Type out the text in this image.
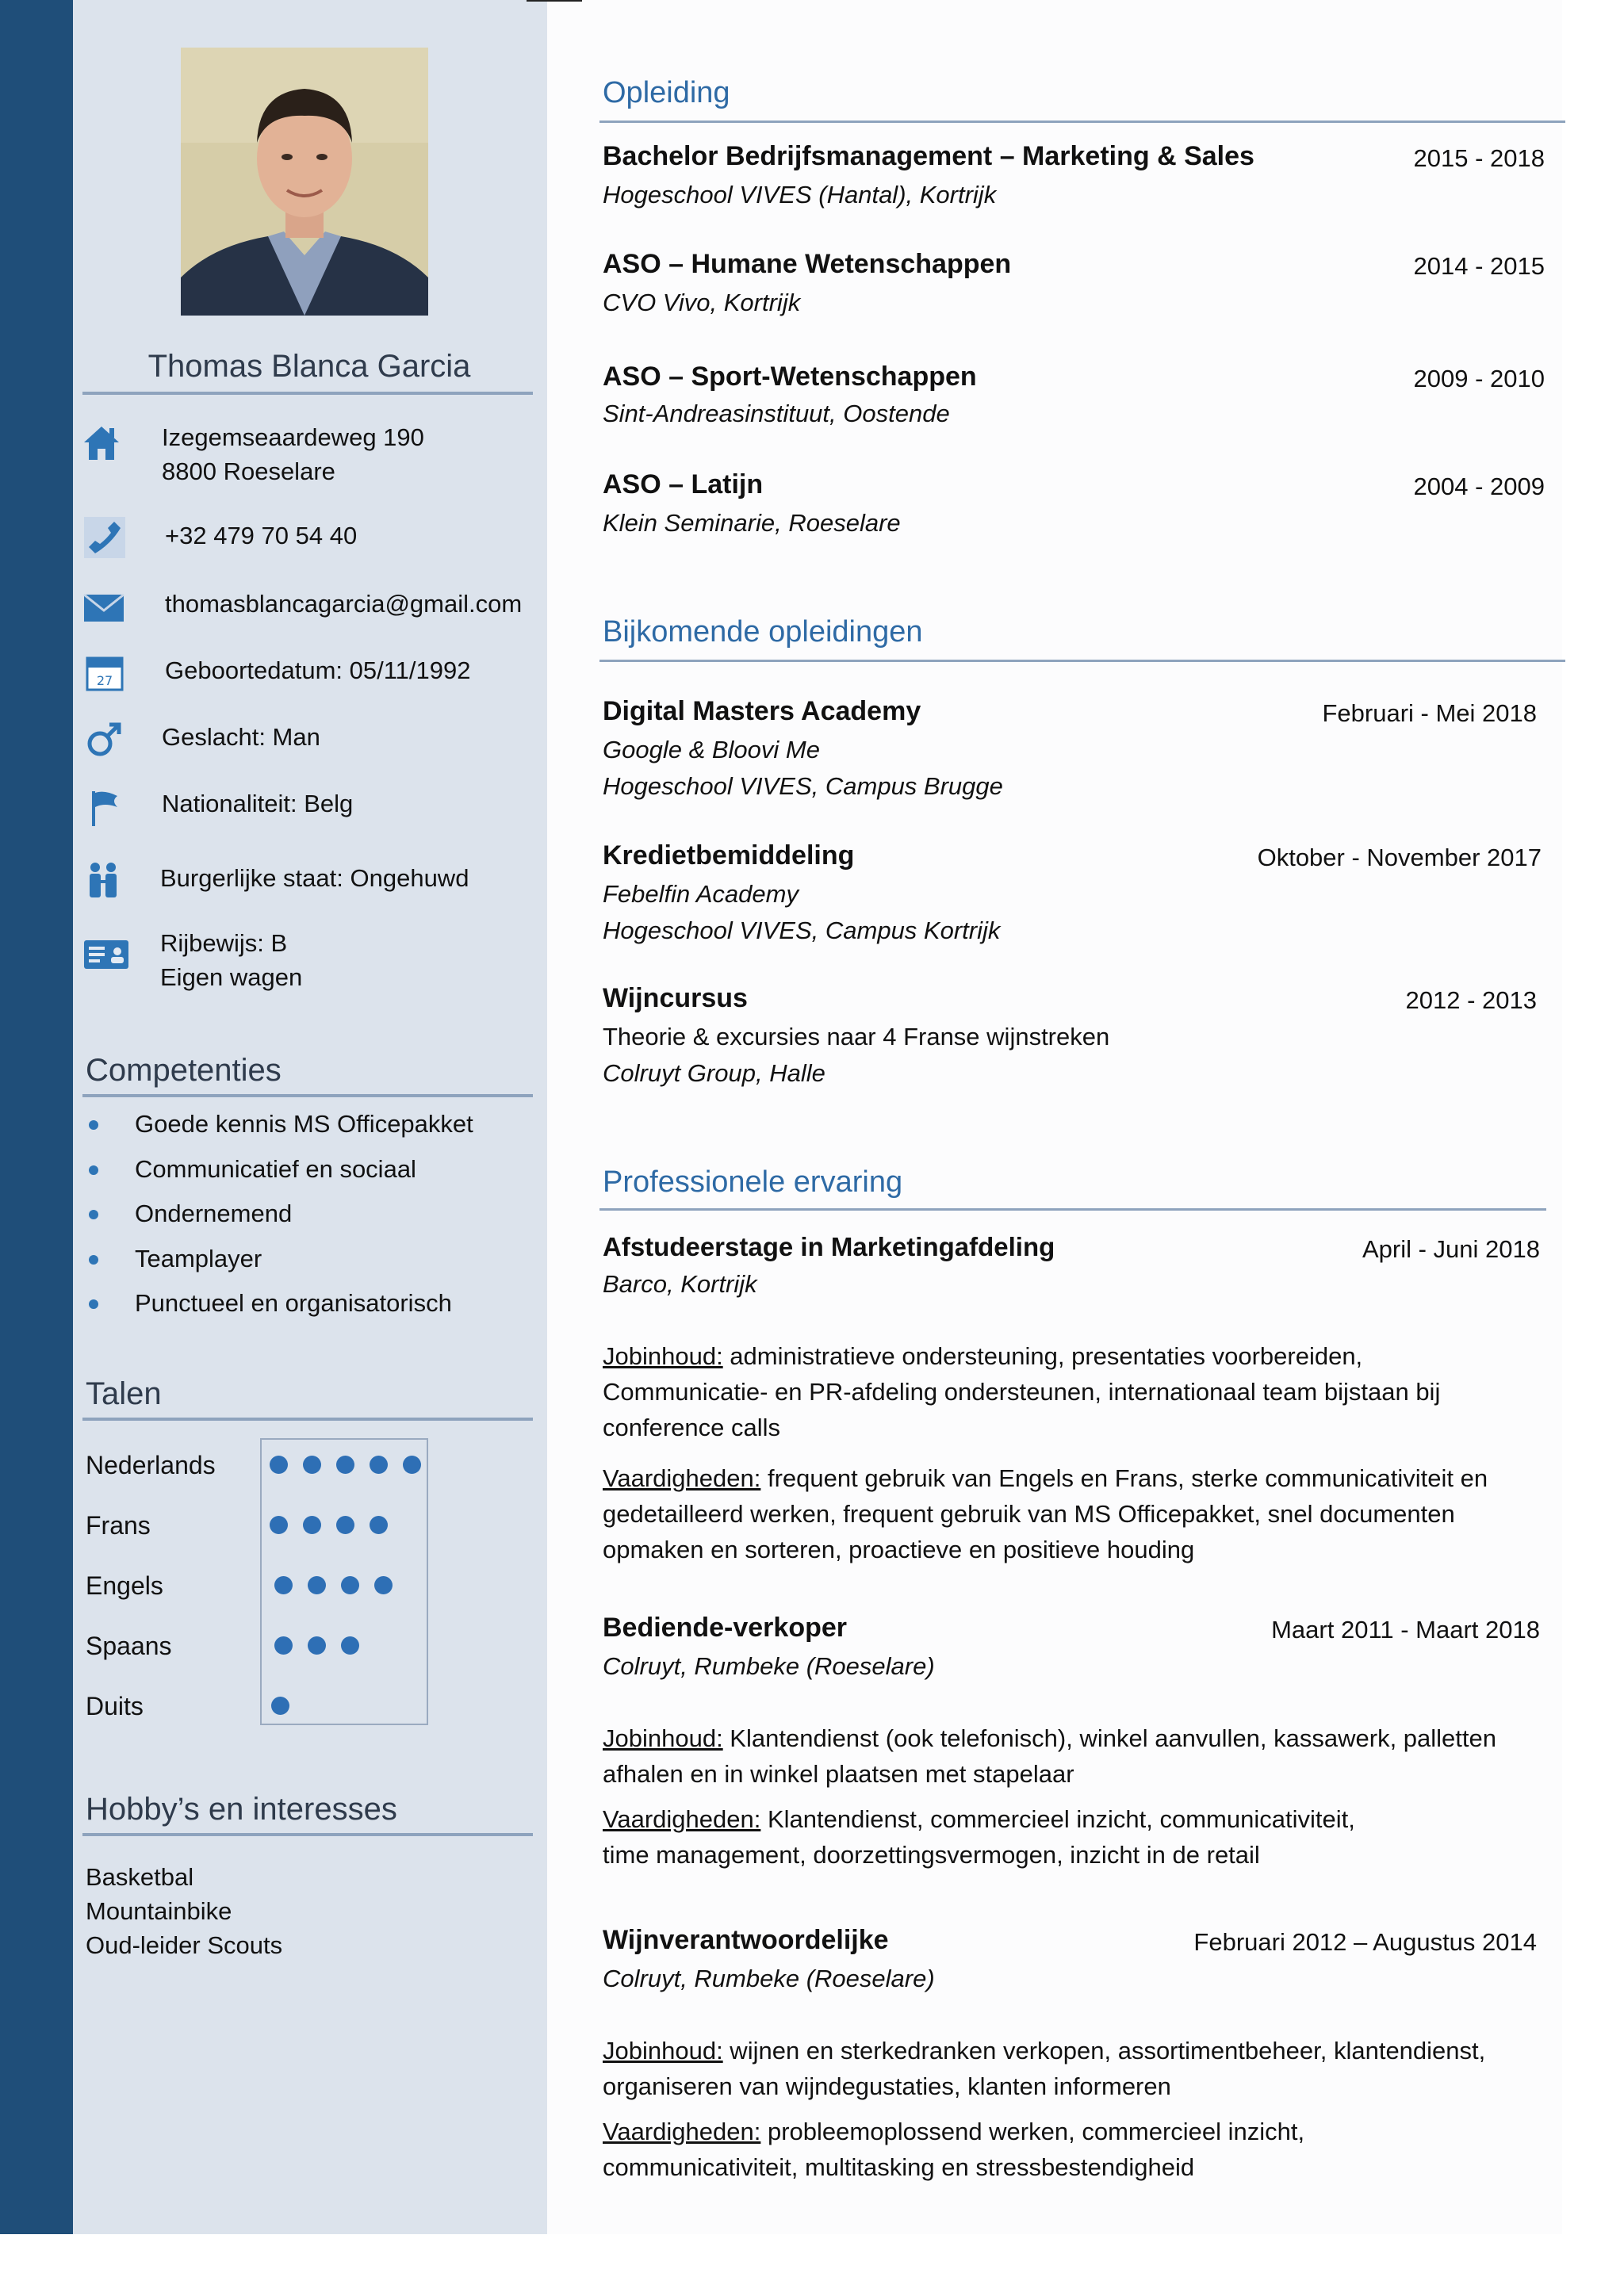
Thomas Blanca Garcia
27
Izegemseaardeweg 190
8800 Roeselare
+32 479 70 54 40
thomasblancagarcia@gmail.com
Geboortedatum: 05/11/1992
Geslacht: Man
Nationaliteit: Belg
Burgerlijke staat: Ongehuwd
Rijbewijs: B
Eigen wagen
Competenties
Goede kennis MS Officepakket
Communicatief en sociaal
Ondernemend
Teamplayer
Punctueel en organisatorisch
Talen
Nederlands
Frans
Engels
Spaans
Duits
Hobby’s en interesses
Basketbal
Mountainbike
Oud-leider Scouts
Opleiding
Bachelor Bedrijfsmanagement – Marketing & Sales	2015 - 2018
Hogeschool VIVES (Hantal), Kortrijk
ASO – Humane Wetenschappen	2014 - 2015
CVO Vivo, Kortrijk
ASO – Sport-Wetenschappen	2009 - 2010
Sint-Andreasinstituut, Oostende
ASO – Latijn	2004 - 2009
Klein Seminarie, Roeselare
Bijkomende opleidingen
Digital Masters Academy	Februari - Mei 2018
Google & Bloovi Me
Hogeschool VIVES, Campus Brugge
Kredietbemiddeling	Oktober - November 2017
Febelfin Academy
Hogeschool VIVES, Campus Kortrijk
Wijncursus	2012 - 2013
Theorie & excursies naar 4 Franse wijnstreken
Colruyt Group, Halle
Professionele ervaring
Afstudeerstage in Marketingafdeling	April - Juni 2018
Barco, Kortrijk
Jobinhoud: administratieve ondersteuning, presentaties voorbereiden,
Communicatie- en PR-afdeling ondersteunen, internationaal team bijstaan bij
conference calls
Vaardigheden: frequent gebruik van Engels en Frans, sterke communicativiteit en
gedetailleerd werken, frequent gebruik van MS Officepakket, snel documenten
opmaken en sorteren, proactieve en positieve houding
Bediende-verkoper	Maart 2011 - Maart 2018
Colruyt, Rumbeke (Roeselare)
Jobinhoud: Klantendienst (ook telefonisch), winkel aanvullen, kassawerk, palletten
afhalen en in winkel plaatsen met stapelaar
Vaardigheden: Klantendienst, commercieel inzicht, communicativiteit,
time management, doorzettingsvermogen, inzicht in de retail
Wijnverantwoordelijke	Februari 2012 – Augustus 2014
Colruyt, Rumbeke (Roeselare)
Jobinhoud: wijnen en sterkedranken verkopen, assortimentbeheer, klantendienst,
organiseren van wijndegustaties, klanten informeren
Vaardigheden: probleemoplossend werken, commercieel inzicht,
communicativiteit, multitasking en stressbestendigheid
